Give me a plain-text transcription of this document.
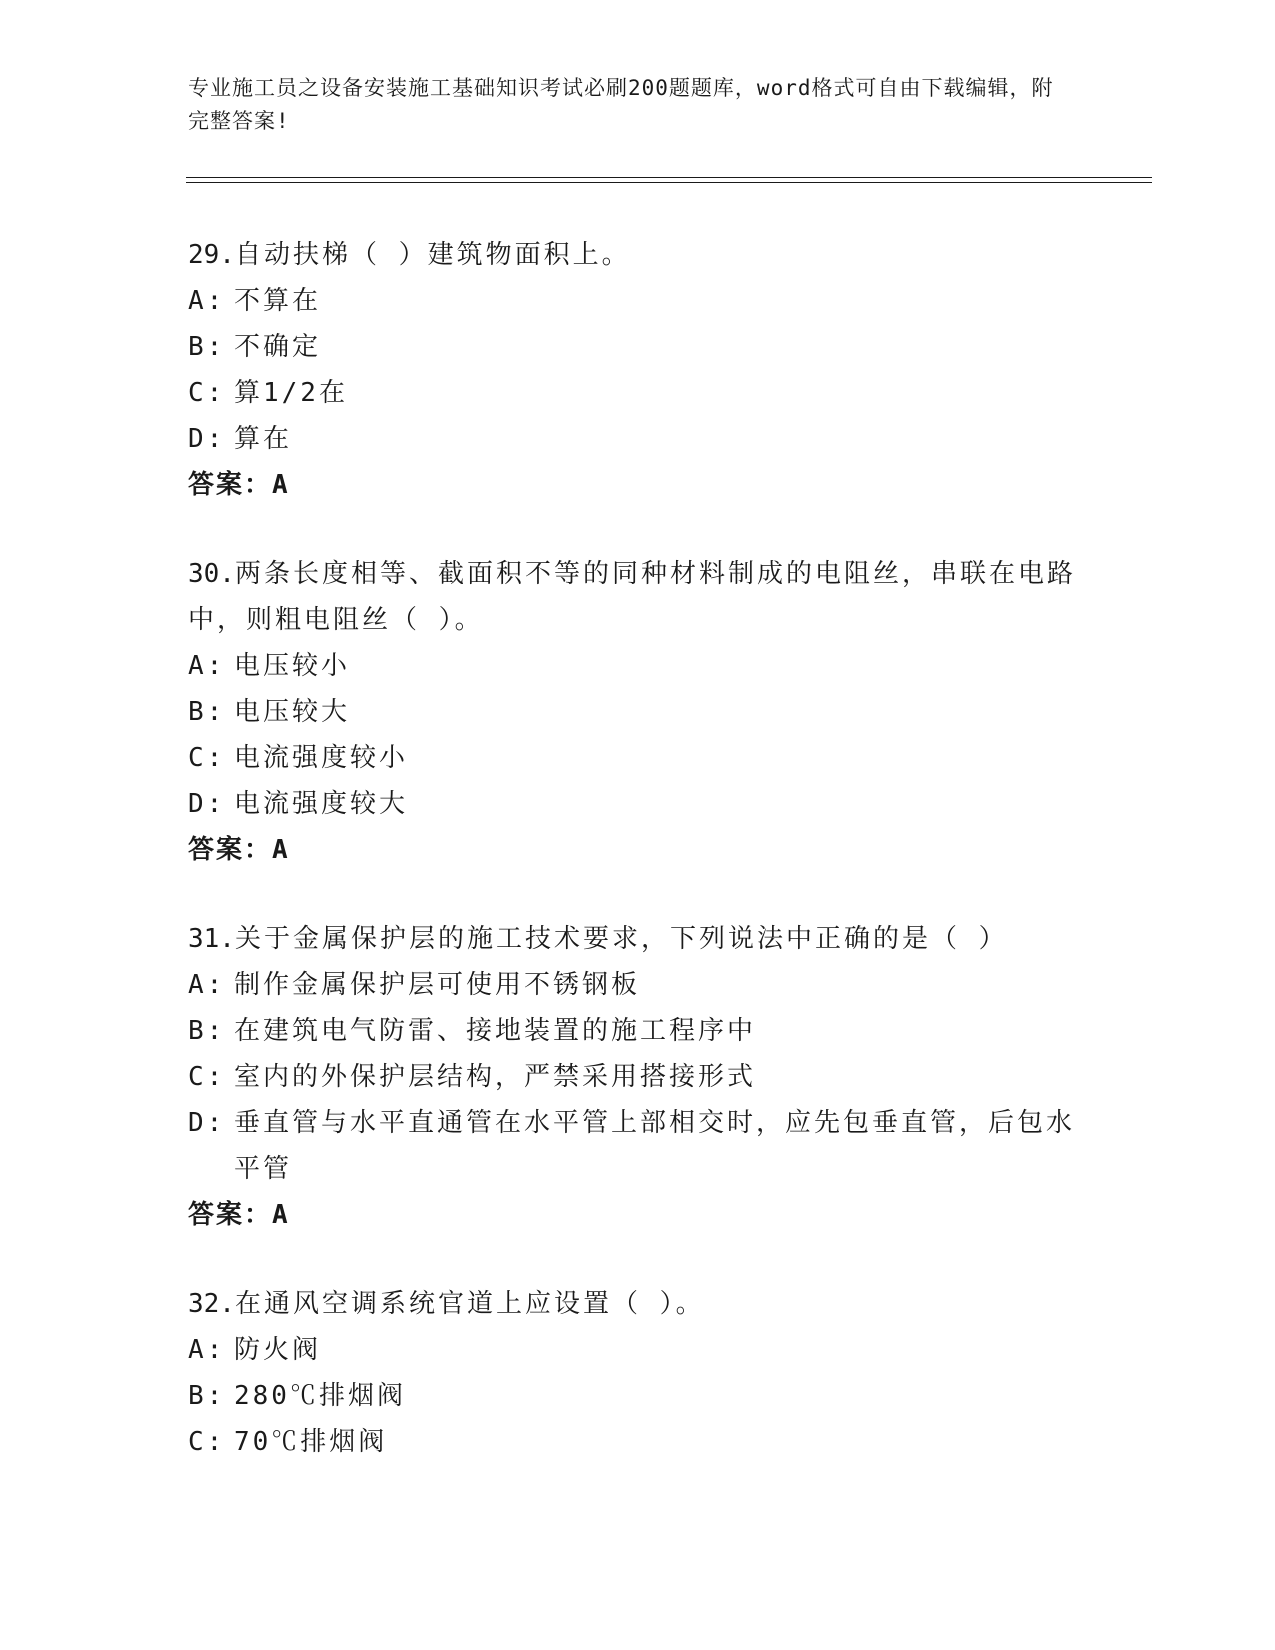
专业施工员之设备安装施工基础知识考试必刷200题题库，word格式可自由下载编辑，附完整答案!
29.自动扶梯（ ）建筑物面积上。
A: 不算在
B: 不确定
C: 算1/2在
D: 算在
答案：A
30.两条长度相等、截面积不等的同种材料制成的电阻丝，串联在电路中，则粗电阻丝（ ）。
A: 电压较小
B: 电压较大
C: 电流强度较小
D: 电流强度较大
答案：A
31.关于金属保护层的施工技术要求，下列说法中正确的是（ ）
A: 制作金属保护层可使用不锈钢板
B: 在建筑电气防雷、接地装置的施工程序中
C: 室内的外保护层结构，严禁采用搭接形式
D: 垂直管与水平直通管在水平管上部相交时，应先包垂直管，后包水平管
答案：A
32.在通风空调系统官道上应设置（ ）。
A: 防火阀
B: 280℃排烟阀
C: 70℃排烟阀
